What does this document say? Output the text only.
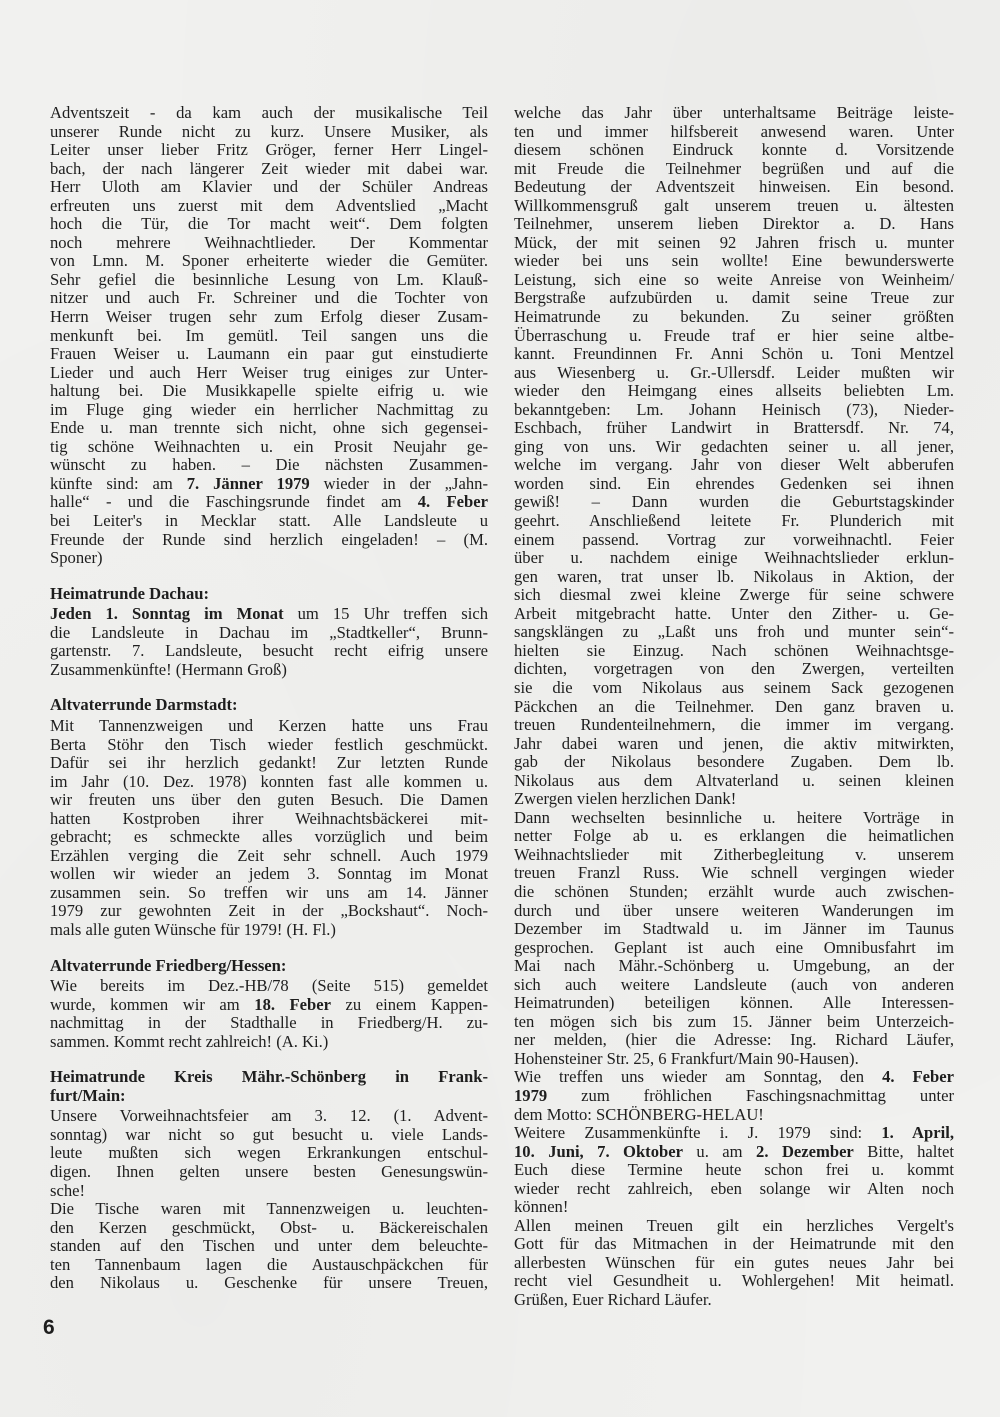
Adventszeit - da kam auch der musikalische Teil
unserer Runde nicht zu kurz. Unsere Musiker, als
Leiter unser lieber Fritz Gröger, ferner Herr Lingel-
bach, der nach längerer Zeit wieder mit dabei war.
Herr Uloth am Klavier und der Schüler Andreas
erfreuten uns zuerst mit dem Adventslied „Macht
hoch die Tür, die Tor macht weit“. Dem folgten
noch mehrere Weihnachtlieder. Der Kommentar
von Lmn. M. Sponer erheiterte wieder die Gemüter.
Sehr gefiel die besinnliche Lesung von Lm. Klauß-
nitzer und auch Fr. Schreiner und die Tochter von
Herrn Weiser trugen sehr zum Erfolg dieser Zusam-
menkunft bei. Im gemütl. Teil sangen uns die
Frauen Weiser u. Laumann ein paar gut einstudierte
Lieder und auch Herr Weiser trug einiges zur Unter-
haltung bei. Die Musikkapelle spielte eifrig u. wie
im Fluge ging wieder ein herrlicher Nachmittag zu
Ende u. man trennte sich nicht, ohne sich gegensei-
tig schöne Weihnachten u. ein Prosit Neujahr ge-
wünscht zu haben. – Die nächsten Zusammen-
künfte sind: am 7. Jänner 1979 wieder in der „Jahn-
halle“ - und die Faschingsrunde findet am 4. Feber
bei Leiter's in Mecklar statt. Alle Landsleute u
Freunde der Runde sind herzlich eingeladen! – (M.
Sponer)
Heimatrunde Dachau:
Jeden 1. Sonntag im Monat um 15 Uhr treffen sich
die Landsleute in Dachau im „Stadtkeller“, Brunn-
gartenstr. 7. Landsleute, besucht recht eifrig unsere
Zusammenkünfte! (Hermann Groß)
Altvaterrunde Darmstadt:
Mit Tannenzweigen und Kerzen hatte uns Frau
Berta Stöhr den Tisch wieder festlich geschmückt.
Dafür sei ihr herzlich gedankt! Zur letzten Runde
im Jahr (10. Dez. 1978) konnten fast alle kommen u.
wir freuten uns über den guten Besuch. Die Damen
hatten Kostproben ihrer Weihnachtsbäckerei mit-
gebracht; es schmeckte alles vorzüglich und beim
Erzählen verging die Zeit sehr schnell. Auch 1979
wollen wir wieder an jedem 3. Sonntag im Monat
zusammen sein. So treffen wir uns am 14. Jänner
1979 zur gewohnten Zeit in der „Bockshaut“. Noch-
mals alle guten Wünsche für 1979! (H. Fl.)
Altvaterrunde Friedberg/Hessen:
Wie bereits im Dez.-HB/78 (Seite 515) gemeldet
wurde, kommen wir am 18. Feber zu einem Kappen-
nachmittag in der Stadthalle in Friedberg/H. zu-
sammen. Kommt recht zahlreich! (A. Ki.)
Heimatrunde Kreis Mähr.-Schönberg in Frank-
furt/Main:
Unsere Vorweihnachtsfeier am 3. 12. (1. Advent-
sonntag) war nicht so gut besucht u. viele Lands-
leute mußten sich wegen Erkrankungen entschul-
digen. Ihnen gelten unsere besten Genesungswün-
sche!
Die Tische waren mit Tannenzweigen u. leuchten-
den Kerzen geschmückt, Obst- u. Bäckereischalen
standen auf den Tischen und unter dem beleuchte-
ten Tannenbaum lagen die Austauschpäckchen für
den Nikolaus u. Geschenke für unsere Treuen,
welche das Jahr über unterhaltsame Beiträge leiste-
ten und immer hilfsbereit anwesend waren. Unter
diesem schönen Eindruck konnte d. Vorsitzende
mit Freude die Teilnehmer begrüßen und auf die
Bedeutung der Adventszeit hinweisen. Ein besond.
Willkommensgruß galt unserem treuen u. ältesten
Teilnehmer, unserem lieben Direktor a. D. Hans
Mück, der mit seinen 92 Jahren frisch u. munter
wieder bei uns sein wollte! Eine bewunderswerte
Leistung, sich eine so weite Anreise von Weinheim/
Bergstraße aufzubürden u. damit seine Treue zur
Heimatrunde zu bekunden. Zu seiner größten
Überraschung u. Freude traf er hier seine altbe-
kannt. Freundinnen Fr. Anni Schön u. Toni Mentzel
aus Wiesenberg u. Gr.-Ullersdf. Leider mußten wir
wieder den Heimgang eines allseits beliebten Lm.
bekanntgeben: Lm. Johann Heinisch (73), Nieder-
Eschbach, früher Landwirt in Brattersdf. Nr. 74,
ging von uns. Wir gedachten seiner u. all jener,
welche im vergang. Jahr von dieser Welt abberufen
worden sind. Ein ehrendes Gedenken sei ihnen
gewiß! – Dann wurden die Geburtstagskinder
geehrt. Anschließend leitete Fr. Plunderich mit
einem passend. Vortrag zur vorweihnachtl. Feier
über u. nachdem einige Weihnachtslieder erklun-
gen waren, trat unser lb. Nikolaus in Aktion, der
sich diesmal zwei kleine Zwerge für seine schwere
Arbeit mitgebracht hatte. Unter den Zither- u. Ge-
sangsklängen zu „Laßt uns froh und munter sein“-
hielten sie Einzug. Nach schönen Weihnachtsge-
dichten, vorgetragen von den Zwergen, verteilten
sie die vom Nikolaus aus seinem Sack gezogenen
Päckchen an die Teilnehmer. Den ganz braven u.
treuen Rundenteilnehmern, die immer im vergang.
Jahr dabei waren und jenen, die aktiv mitwirkten,
gab der Nikolaus besondere Zugaben. Dem lb.
Nikolaus aus dem Altvaterland u. seinen kleinen
Zwergen vielen herzlichen Dank!
Dann wechselten besinnliche u. heitere Vorträge in
netter Folge ab u. es erklangen die heimatlichen
Weihnachtslieder mit Zitherbegleitung v. unserem
treuen Franzl Russ. Wie schnell vergingen wieder
die schönen Stunden; erzählt wurde auch zwischen-
durch und über unsere weiteren Wanderungen im
Dezember im Stadtwald u. im Jänner im Taunus
gesprochen. Geplant ist auch eine Omnibusfahrt im
Mai nach Mähr.-Schönberg u. Umgebung, an der
sich auch weitere Landsleute (auch von anderen
Heimatrunden) beteiligen können. Alle Interessen-
ten mögen sich bis zum 15. Jänner beim Unterzeich-
ner melden, (hier die Adresse: Ing. Richard Läufer,
Hohensteiner Str. 25, 6 Frankfurt/Main 90-Hausen).
Wie treffen uns wieder am Sonntag, den 4. Feber
1979 zum fröhlichen Faschingsnachmittag unter
dem Motto: SCHÖNBERG-HELAU!
Weitere Zusammenkünfte i. J. 1979 sind: 1. April,
10. Juni, 7. Oktober u. am 2. Dezember Bitte, haltet
Euch diese Termine heute schon frei u. kommt
wieder recht zahlreich, eben solange wir Alten noch
können!
Allen meinen Treuen gilt ein herzliches Vergelt's
Gott für das Mitmachen in der Heimatrunde mit den
allerbesten Wünschen für ein gutes neues Jahr bei
recht viel Gesundheit u. Wohlergehen! Mit heimatl.
Grüßen, Euer Richard Läufer.
6
